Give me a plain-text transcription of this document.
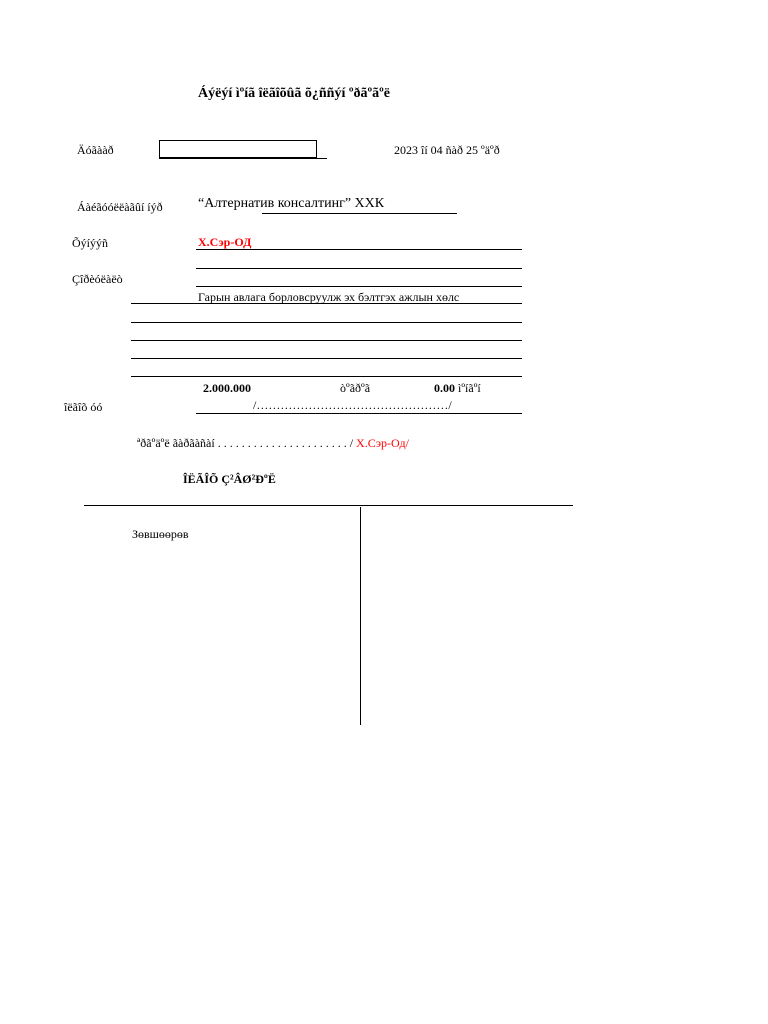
Áýëýí ìºíã îëãîõûã õ¿ññýí ºðãºãºë
Äóãààð	2023 îí 04 ñàð 25 ºäºð
Áàéãóóëëàãûí íýð	“Алтернатив консалтинг” ХХК
Õýíýýñ	Х.Сэр-ОД
Çîðèóëàëò
Гарын авлага борловсруулж эх бэлтгэх ажлын хөлс
2.000.000	òºãðºã	0.00 ìºíãºí
îëãîõ óó	/…………………………………………/
ªðãºäºë ãàðãàñàí . . . . . . . . . . . . . . . . . . . . . . / Х.Сэр-Од/
ÎËÃÎÕ Ç²ÂØ²ÐºË
Зөвшөөрөв
